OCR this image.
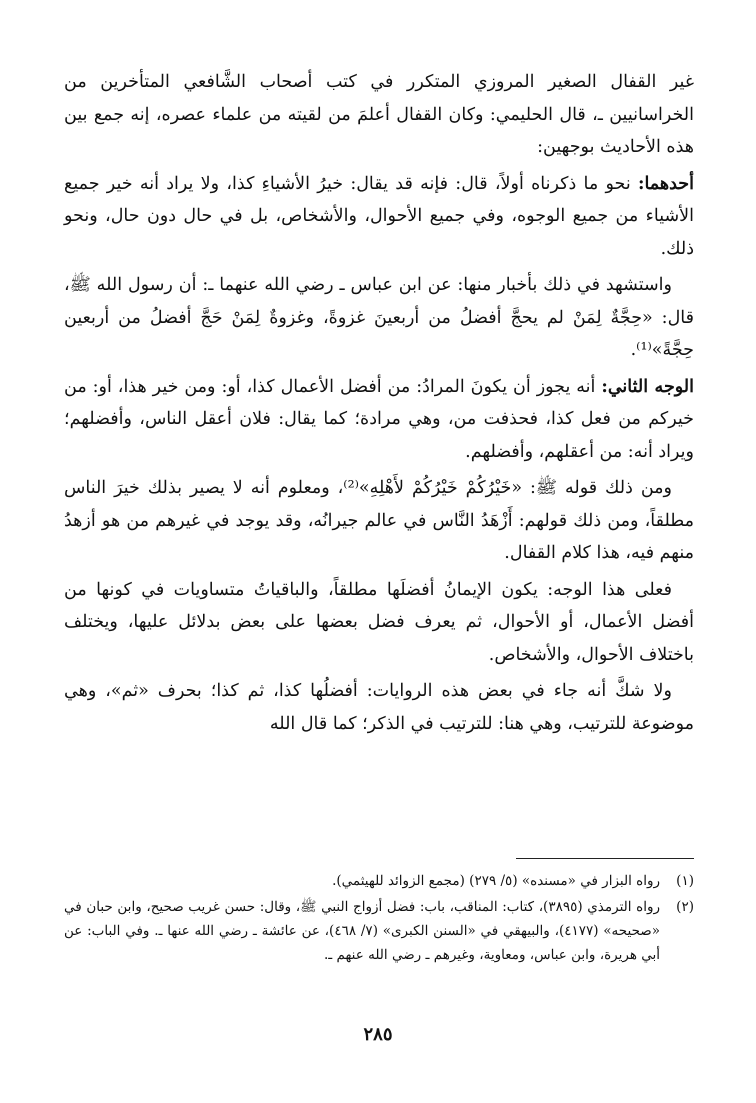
غير القفال الصغير المروزي المتكرر في كتب أصحاب الشَّافعي المتأخرين من الخراسانيين ـ، قال الحليمي: وكان القفال أعلمَ من لقيته من علماء عصره، إنه جمع بين هذه الأحاديث بوجهين:

أحدهما: نحو ما ذكرناه أولاً، قال: فإنه قد يقال: خيرُ الأشياءِ كذا، ولا يراد أنه خير جميع الأشياء من جميع الوجوه، وفي جميع الأحوال، والأشخاص، بل في حال دون حال، ونحو ذلك.

واستشهد في ذلك بأخبار منها: عن ابن عباس ـ رضي الله عنهما ـ: أن رسول الله ﷺ، قال: «حِجَّةٌ لِمَنْ لم يحجَّ أفضلُ من أربعينَ غزوةً، وغزوةٌ لِمَنْ حَجَّ أفضلُ من أربعين حِجَّةً»⁽¹⁾.

الوجه الثاني: أنه يجوز أن يكونَ المرادُ: من أفضل الأعمال كذا، أو: ومن خير هذا، أو: من خيركم من فعل كذا، فحذفت من، وهي مرادة؛ كما يقال: فلان أعقل الناس، وأفضلهم؛ ويراد أنه: من أعقلهم، وأفضلهم.

ومن ذلك قوله ﷺ: «خَيْرُكُمْ خَيْرُكُمْ لأَهْلِهِ»⁽²⁾، ومعلوم أنه لا يصير بذلك خيرَ الناس مطلقاً، ومن ذلك قولهم: أَزْهَدُ النَّاس في عالم جيرانُه، وقد يوجد في غيرهم من هو أزهدُ منهم فيه، هذا كلام القفال.

فعلى هذا الوجه: يكون الإيمانُ أفضلَها مطلقاً، والباقياتُ متساويات في كونها من أفضل الأعمال، أو الأحوال، ثم يعرف فضل بعضها على بعض بدلائل عليها، ويختلف باختلاف الأحوال، والأشخاص.

ولا شكَّ أنه جاء في بعض هذه الروايات: أفضلُها كذا، ثم كذا؛ بحرف «ثم»، وهي موضوعة للترتيب، وهي هنا: للترتيب في الذكر؛ كما قال الله

(١)
رواه البزار في «مسنده» (٥/ ٢٧٩) (مجمع الزوائد للهيثمي).
(٢)
رواه الترمذي (٣٨٩٥)، كتاب: المناقب، باب: فضل أزواج النبي ﷺ، وقال: حسن غريب صحيح، وابن حبان في «صحيحه» (٤١٧٧)، والبيهقي في «السنن الكبرى» (٧/ ٤٦٨)، عن عائشة ـ رضي الله عنها ـ. وفي الباب: عن أبي هريرة، وابن عباس، ومعاوية، وغيرهم ـ رضي الله عنهم ـ.
٢٨٥
